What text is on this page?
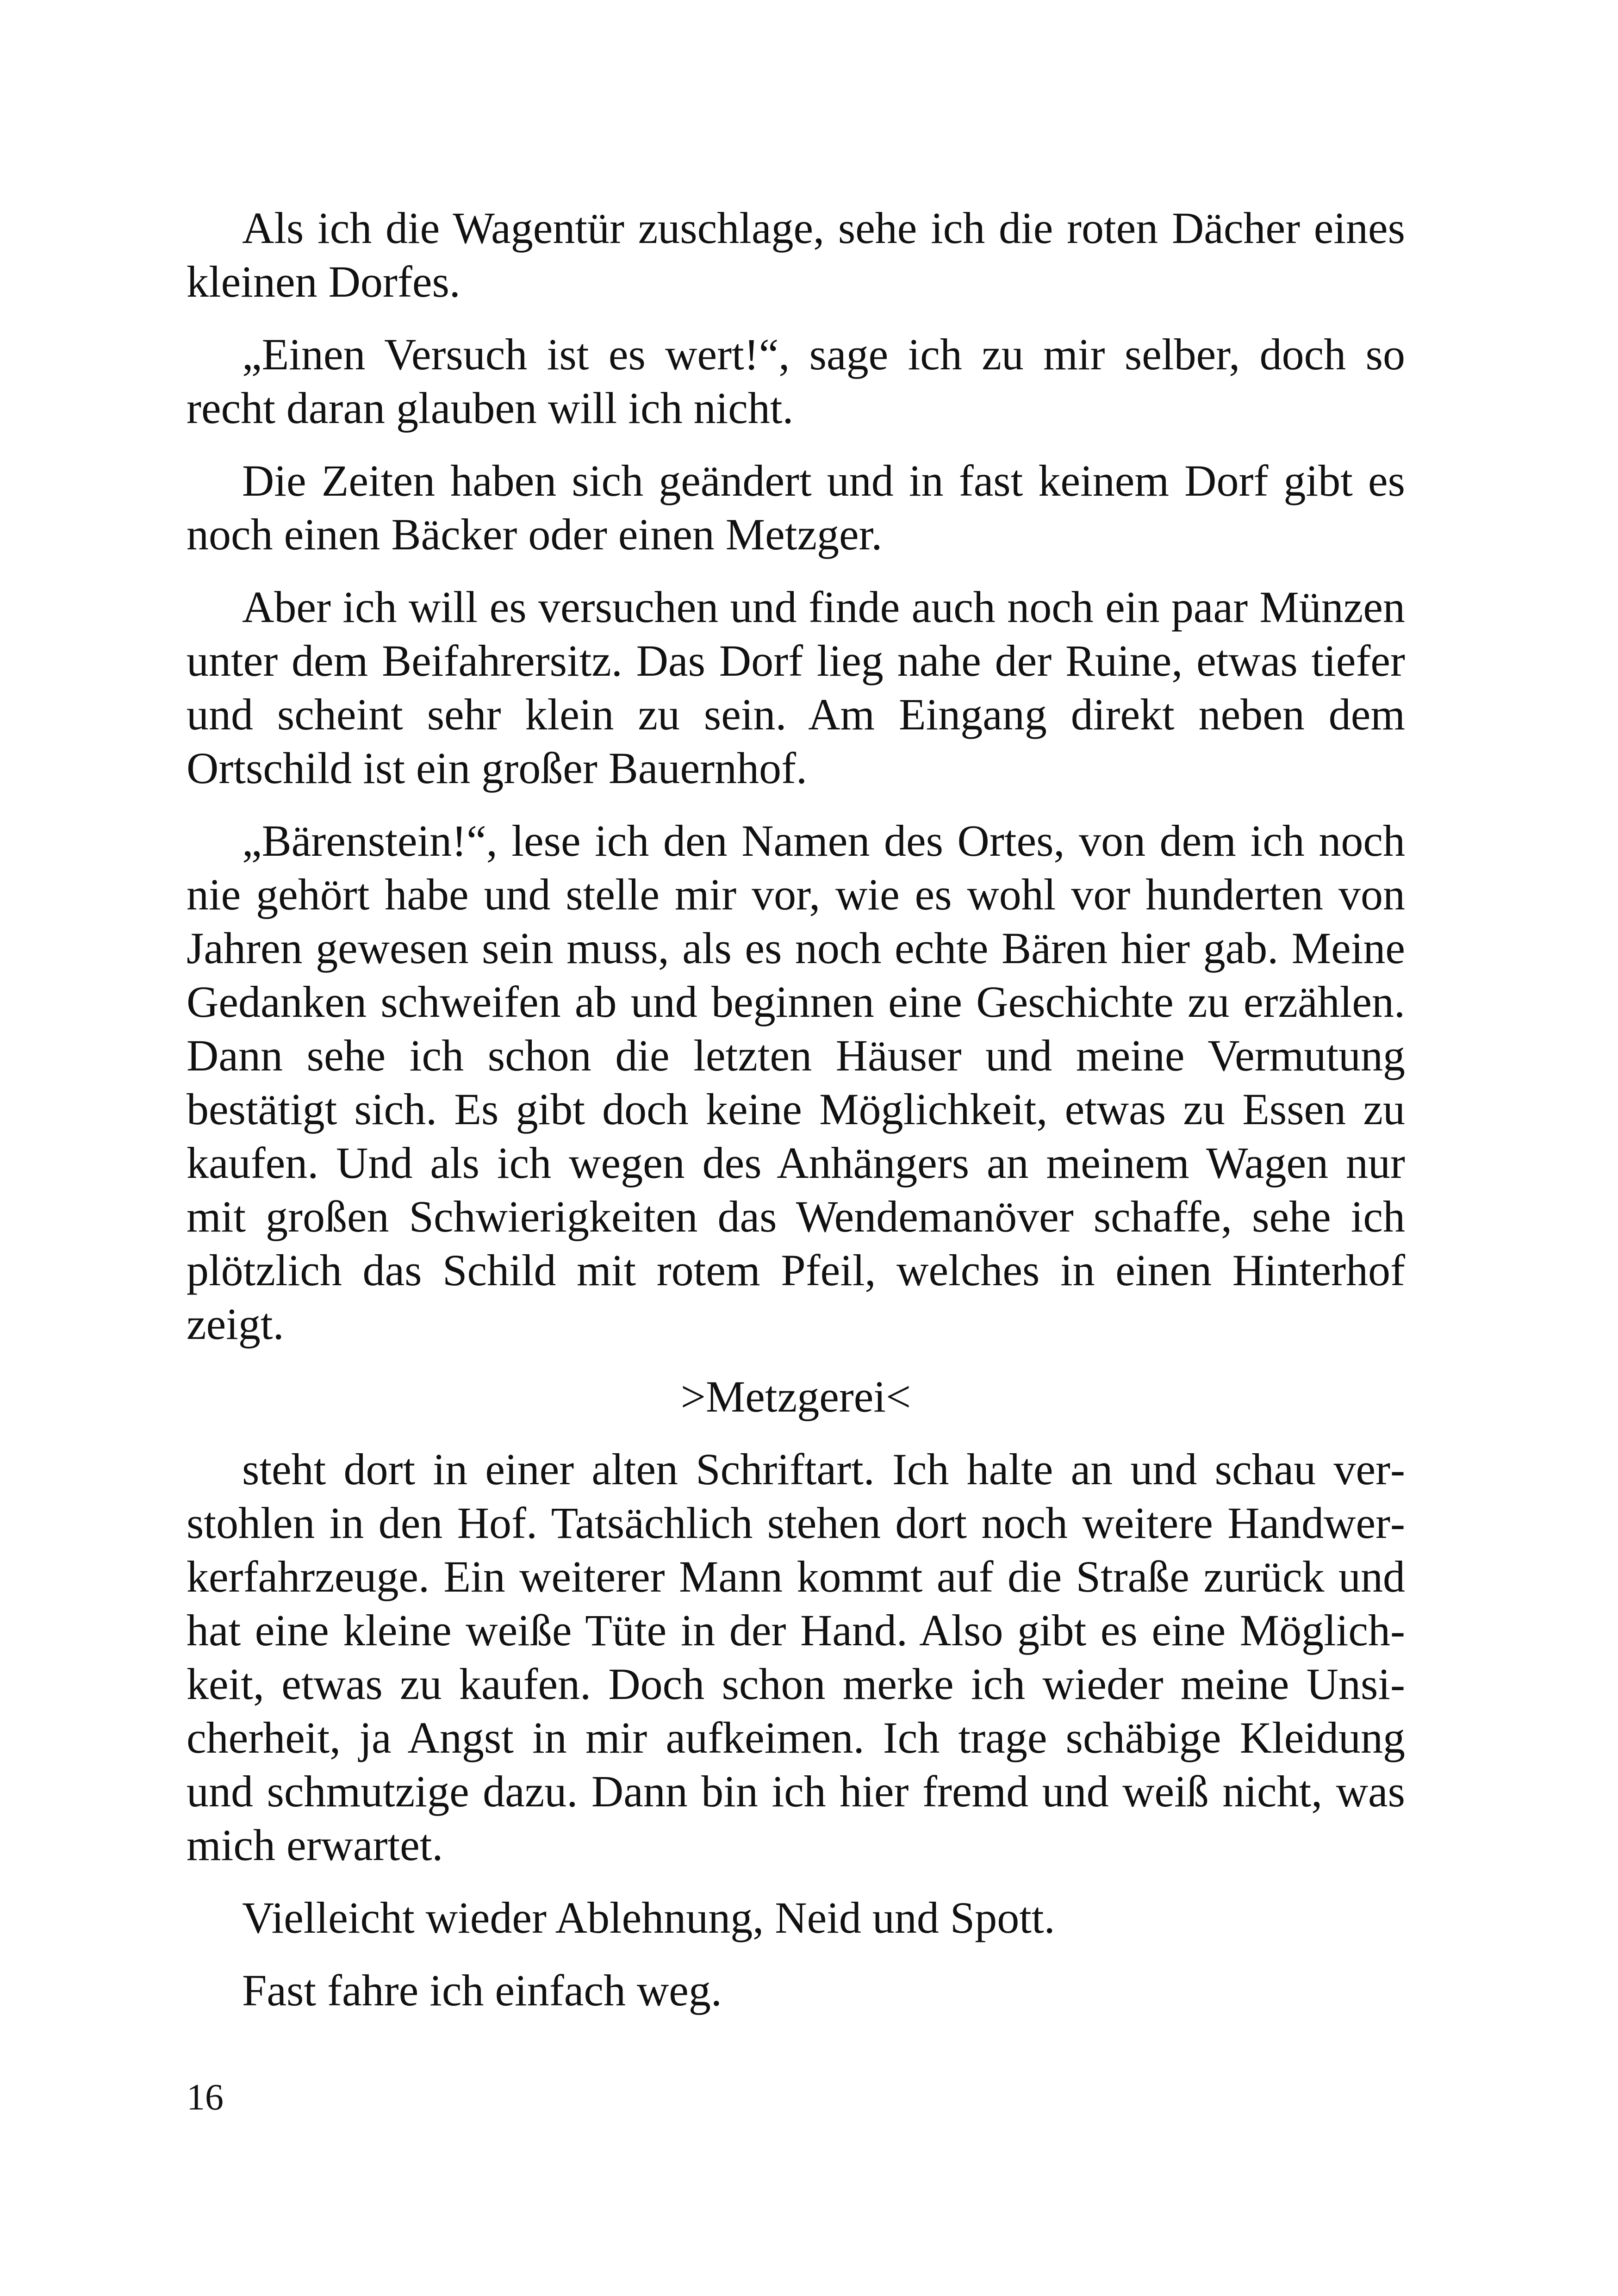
Als ich die Wagentür zuschlage, sehe ich die roten Dächer eines kleinen Dorfes.

„Einen Versuch ist es wert!“, sage ich zu mir selber, doch so recht daran glauben will ich nicht.

Die Zeiten haben sich geändert und in fast keinem Dorf gibt es noch einen Bäcker oder einen Metzger.

Aber ich will es versuchen und finde auch noch ein paar Münzen unter dem Beifahrersitz. Das Dorf lieg nahe der Ruine, etwas tiefer und scheint sehr klein zu sein. Am Eingang direkt neben dem Ortschild ist ein großer Bauernhof.

„Bärenstein!“, lese ich den Namen des Ortes, von dem ich noch nie gehört habe und stelle mir vor, wie es wohl vor hunderten von Jahren gewesen sein muss, als es noch echte Bären hier gab. Meine Gedanken schweifen ab und beginnen eine Geschichte zu erzählen. Dann sehe ich schon die letzten Häuser und meine Vermutung bestätigt sich. Es gibt doch keine Möglichkeit, etwas zu Essen zu kaufen. Und als ich wegen des Anhängers an meinem Wagen nur mit großen Schwierigkeiten das Wendemanöver schaffe, sehe ich plötzlich das Schild mit rotem Pfeil, welches in einen Hinterhof zeigt.

>Metzgerei<

steht dort in einer alten Schriftart. Ich halte an und schau verstohlen in den Hof. Tatsächlich stehen dort noch weitere Handwerkerfahrzeuge. Ein weiterer Mann kommt auf die Straße zurück und hat eine kleine weiße Tüte in der Hand. Also gibt es eine Möglichkeit, etwas zu kaufen. Doch schon merke ich wieder meine Unsicherheit, ja Angst in mir aufkeimen. Ich trage schäbige Kleidung und schmutzige dazu. Dann bin ich hier fremd und weiß nicht, was mich erwartet.

Vielleicht wieder Ablehnung, Neid und Spott.

Fast fahre ich einfach weg.

16
